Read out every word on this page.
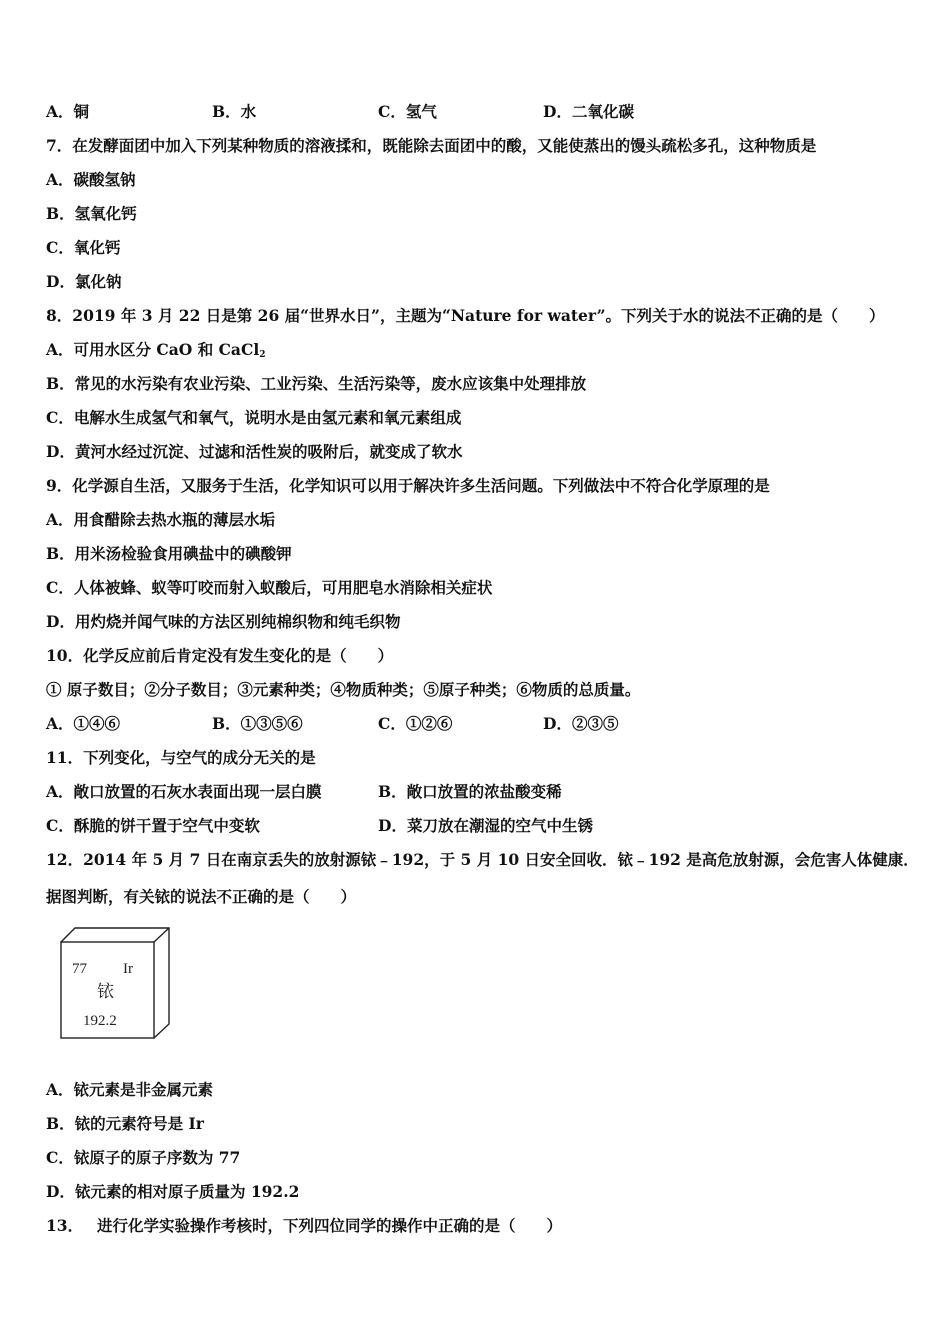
A．铜	B．水	C．氢气	D．二氧化碳
7．在发酵面团中加入下列某种物质的溶液揉和，既能除去面团中的酸，又能使蒸出的馒头疏松多孔，这种物质是
A．碳酸氢钠
B．氢氧化钙
C．氧化钙
D．氯化钠
8．2019 年 3 月 22 日是第 26 届“世界水日”，主题为“Nature for water”。下列关于水的说法不正确的是（　　）
A．可用水区分 CaO 和 CaCl$_2$
B．常见的水污染有农业污染、工业污染、生活污染等，废水应该集中处理排放
C．电解水生成氢气和氧气，说明水是由氢元素和氧元素组成
D．黄河水经过沉淀、过滤和活性炭的吸附后，就变成了软水
9．化学源自生活，又服务于生活，化学知识可以用于解决许多生活问题。下列做法中不符合化学原理的是
A．用食醋除去热水瓶的薄层水垢
B．用米汤检验食用碘盐中的碘酸钾
C．人体被蜂、蚁等叮咬而射入蚁酸后，可用肥皂水消除相关症状
D．用灼烧并闻气味的方法区别纯棉织物和纯毛织物
10．化学反应前后肯定没有发生变化的是（　　）
① 原子数目；②分子数目；③元素种类；④物质种类；⑤原子种类；⑥物质的总质量。
A．①④⑥	B．①③⑤⑥	C．①②⑥	D．②③⑤
11．下列变化，与空气的成分无关的是
A．敞口放置的石灰水表面出现一层白膜	B．敞口放置的浓盐酸变稀
C．酥脆的饼干置于空气中变软	D．菜刀放在潮湿的空气中生锈
12．2014 年 5 月 7 日在南京丢失的放射源铱﹣192，于 5 月 10 日安全回收．铱﹣192 是高危放射源，会危害人体健康．
据图判断，有关铱的说法不正确的是（　　）
77 Ir
铱
192.2
A．铱元素是非金属元素
B．铱的元素符号是 Ir
C．铱原子的原子序数为 77
D．铱元素的相对原子质量为 192.2
13． 进行化学实验操作考核时，下列四位同学的操作中正确的是（　　）
